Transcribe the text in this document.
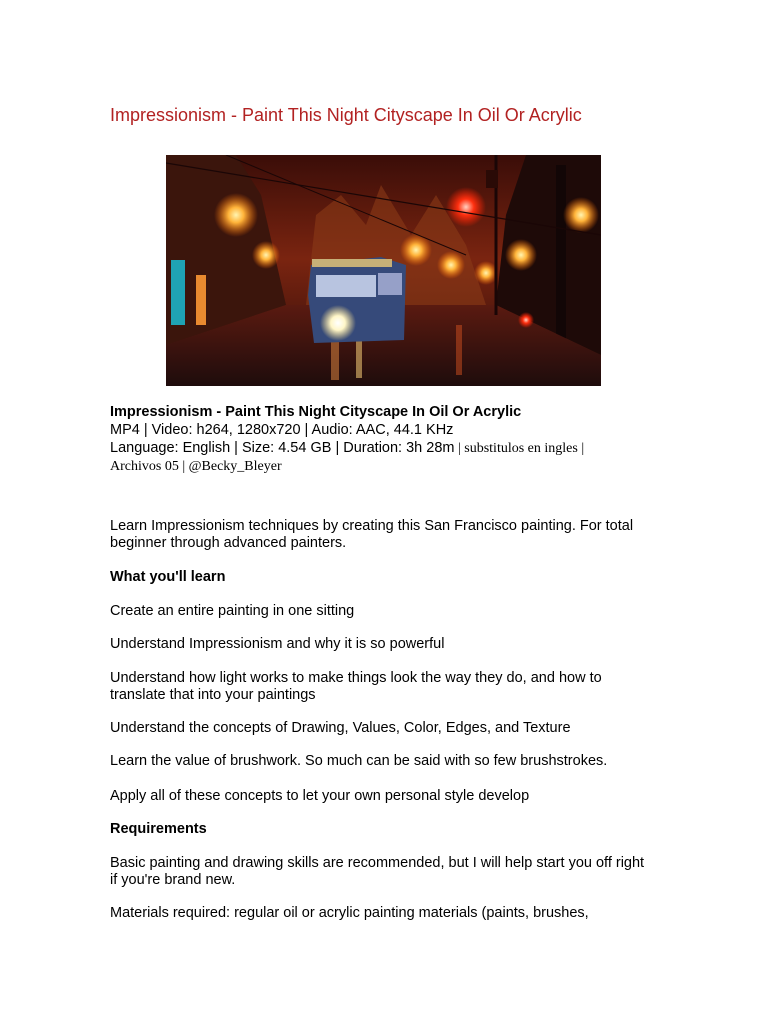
Impressionism - Paint This Night Cityscape In Oil Or Acrylic
Impressionism - Paint This Night Cityscape In Oil Or Acrylic
MP4 | Video: h264, 1280x720 | Audio: AAC, 44.1 KHz
Language: English | Size: 4.54 GB | Duration: 3h 28m | substitulos en ingles |
Archivos 05 | @Becky_Bleyer

Learn Impressionism techniques by creating this San Francisco painting. For total beginner through advanced painters.

What you'll learn

Create an entire painting in one sitting

Understand Impressionism and why it is so powerful

Understand how light works to make things look the way they do, and how to translate that into your paintings

Understand the concepts of Drawing, Values, Color, Edges, and Texture

Learn the value of brushwork. So much can be said with so few brushstrokes.

Apply all of these concepts to let your own personal style develop

Requirements

Basic painting and drawing skills are recommended, but I will help start you off right if you're brand new.

Materials required: regular oil or acrylic painting materials (paints, brushes,
